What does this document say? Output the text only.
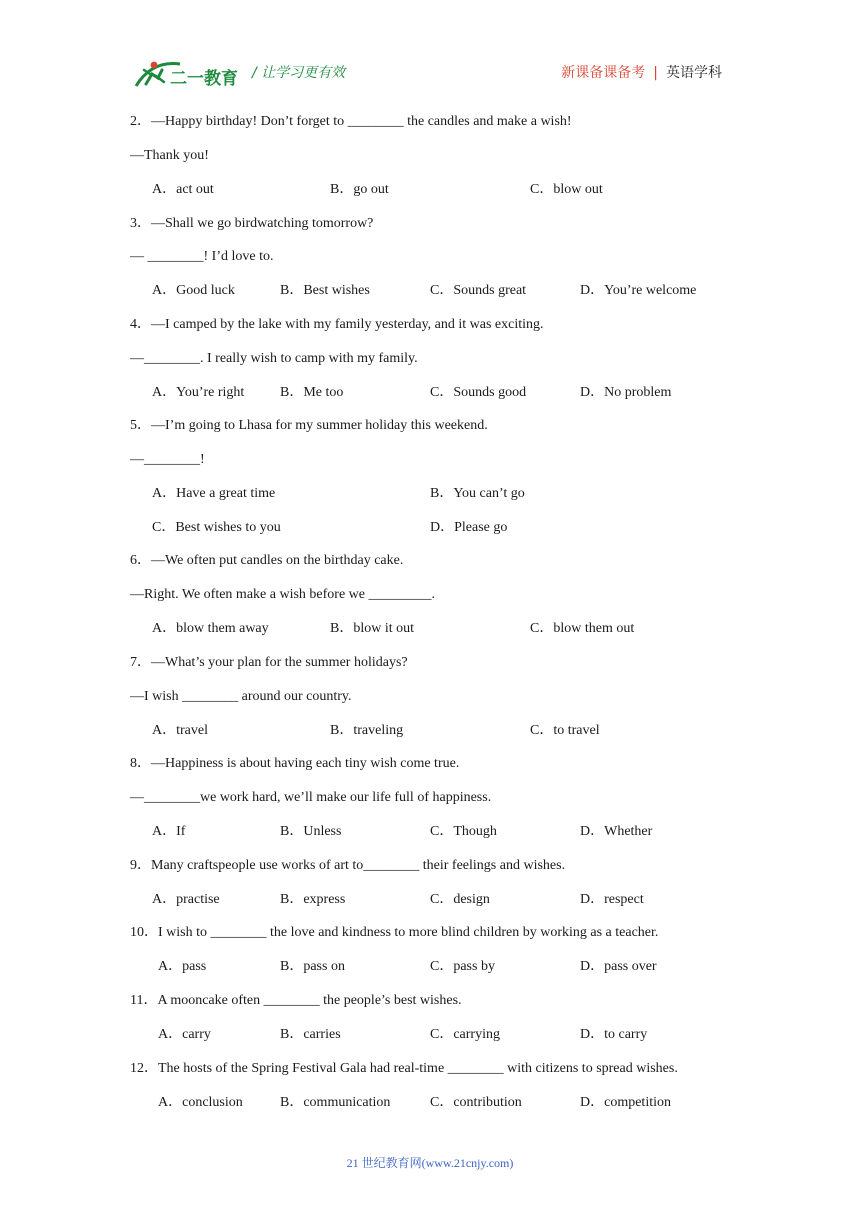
二一教育 / 让学习更有效	新课备课备考 | 英语学科
2．—Happy birthday! Don’t forget to ________ the candles and make a wish!
—Thank you!
A．act out	B．go out	C．blow out
3．—Shall we go birdwatching tomorrow?
— ________! I’d love to.
A．Good luck	B．Best wishes	C．Sounds great	D．You’re welcome
4．—I camped by the lake with my family yesterday, and it was exciting.
—________. I really wish to camp with my family.
A．You’re right	B．Me too	C．Sounds good	D．No problem
5．—I’m going to Lhasa for my summer holiday this weekend.
—________!
A．Have a great time	B．You can’t go
C．Best wishes to you	D．Please go
6．—We often put candles on the birthday cake.
—Right. We often make a wish before we _________.
A．blow them away	B．blow it out	C．blow them out
7．—What’s your plan for the summer holidays?
—I wish ________ around our country.
A．travel	B．traveling	C．to travel
8．—Happiness is about having each tiny wish come true.
—________we work hard, we’ll make our life full of happiness.
A．If	B．Unless	C．Though	D．Whether
9．Many craftspeople use works of art to________ their feelings and wishes.
A．practise	B．express	C．design	D．respect
10．I wish to ________ the love and kindness to more blind children by working as a teacher.
A．pass	B．pass on	C．pass by	D．pass over
11．A mooncake often ________ the people’s best wishes.
A．carry	B．carries	C．carrying	D．to carry
12．The hosts of the Spring Festival Gala had real-time ________ with citizens to spread wishes.
A．conclusion	B．communication	C．contribution	D．competition
21 世纪教育网(www.21cnjy.com)
